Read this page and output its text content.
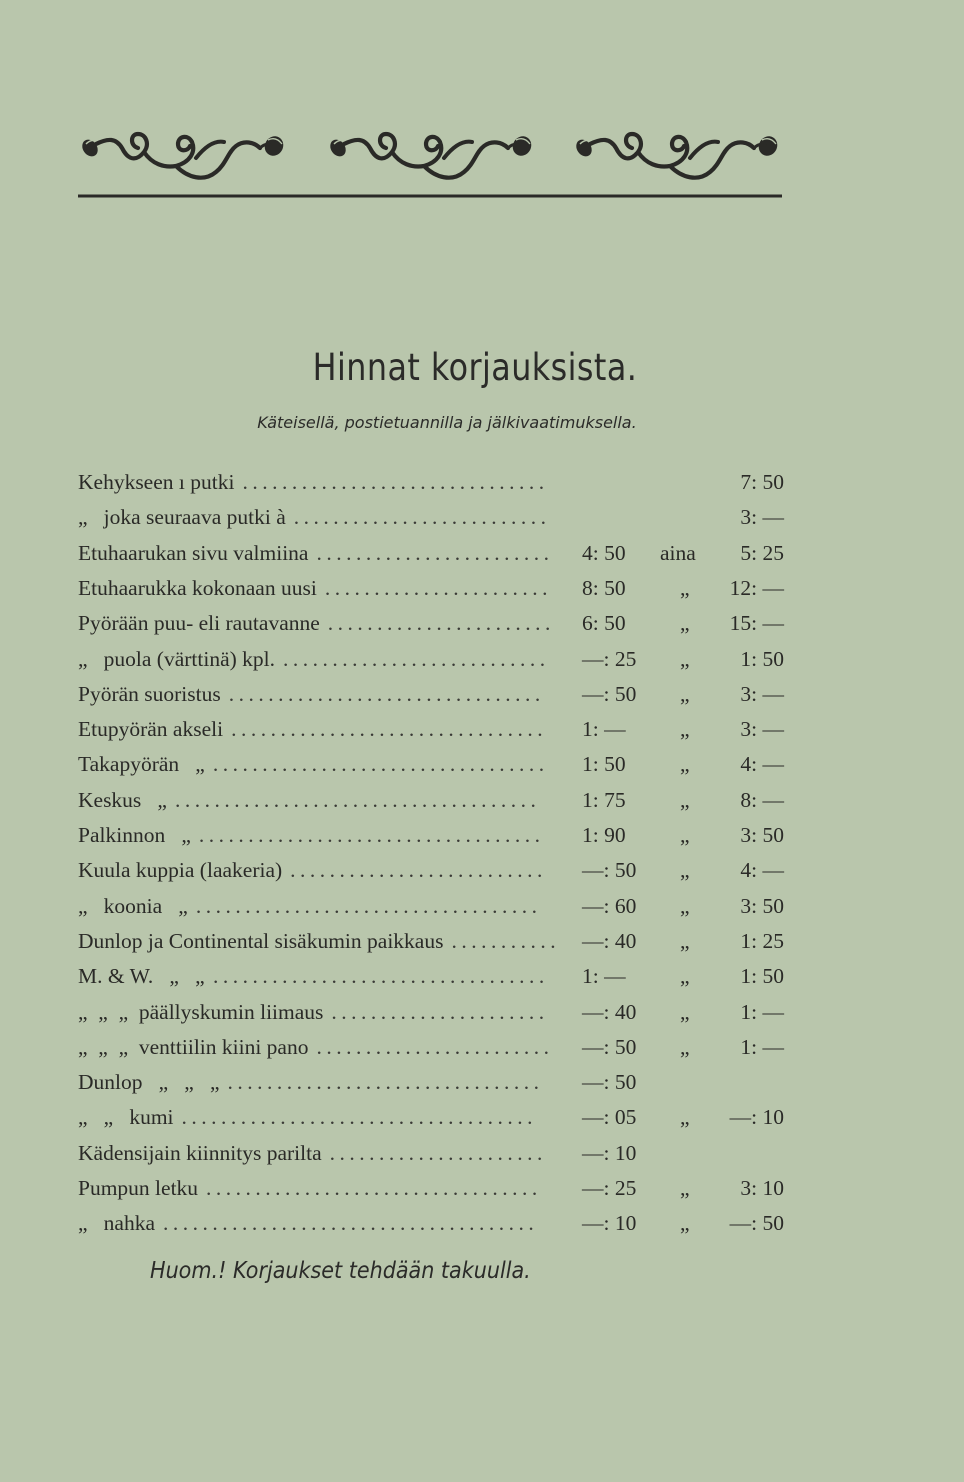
Hinnat korjauksista.
Käteisellä, postietuannilla ja jälkivaatimuksella.
Kehykseen ı putki ...............................	7: 50
„   joka seuraava putki à ..........................	3: —
Etuhaarukan sivu valmiina ........................ 4: 50	aina 5: 25
Etuhaarukka kokonaan uusi ....................... 8: 50	„ 12: —
Pyörään puu- eli rautavanne ....................... 6: 50	„ 15: —
„   puola (värttinä) kpl. ........................... —: 25	„ 1: 50
Pyörän suoristus ................................ —: 50	„ 3: —
Etupyörän akseli ................................ 1: —	„ 3: —
Takapyörän   „ .................................. 1: 50	„ 4: —
Keskus   „ ..................................... 1: 75	„ 8: —
Palkinnon   „ ................................... 1: 90	„ 3: 50
Kuula kuppia (laakeria) .......................... —: 50	„ 4: —
„   koonia   „ ................................... —: 60	„ 3: 50
Dunlop ja Continental sisäkumin paikkaus ........... —: 40	„ 1: 25
M. & W.   „   „ .................................. 1: —	„ 1: 50
„  „  „  päällyskumin liimaus ...................... —: 40	„ 1: —
„  „  „  venttiilin kiini pano ........................ —: 50	„ 1: —
Dunlop   „   „   „ ................................ —: 50
„   „   kumi .................................... —: 05	„ —: 10
Kädensijain kiinnitys parilta ...................... —: 10
Pumpun letku .................................. —: 25	„ 3: 10
„   nahka ...................................... —: 10	„ —: 50
Huom.! Korjaukset tehdään takuulla.
